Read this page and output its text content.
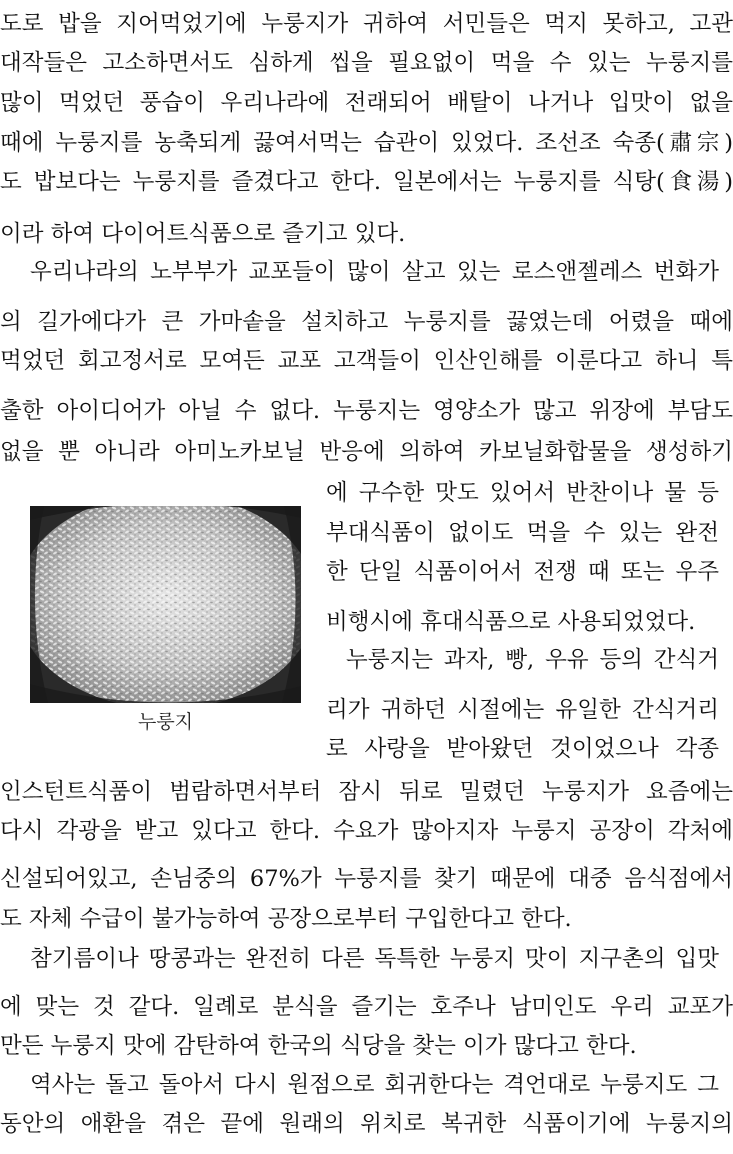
도로 밥을 지어먹었기에 누룽지가 귀하여 서민들은 먹지 못하고, 고관
대작들은 고소하면서도 심하게 씹을 필요없이 먹을 수 있는 누룽지를
많이 먹었던 풍습이 우리나라에 전래되어 배탈이 나거나 입맛이 없을
때에 누룽지를 농축되게 끓여서먹는 습관이 있었다. 조선조 숙종(肅宗)
도 밥보다는 누룽지를 즐겼다고 한다. 일본에서는 누룽지를 식탕(食湯)
이라 하여 다이어트식품으로 즐기고 있다.
우리나라의 노부부가 교포들이 많이 살고 있는 로스앤젤레스 번화가
의 길가에다가 큰 가마솥을 설치하고 누룽지를 끓였는데 어렸을 때에
먹었던 회고정서로 모여든 교포 고객들이 인산인해를 이룬다고 하니 특
출한 아이디어가 아닐 수 없다. 누룽지는 영양소가 많고 위장에 부담도
없을 뿐 아니라 아미노카보닐 반응에 의하여 카보닐화합물을 생성하기
누룽지
에 구수한 맛도 있어서 반찬이나 물 등
부대식품이 없이도 먹을 수 있는 완전
한 단일 식품이어서 전쟁 때 또는 우주
비행시에 휴대식품으로 사용되었었다.
누룽지는 과자, 빵, 우유 등의 간식거
리가 귀하던 시절에는 유일한 간식거리
로 사랑을 받아왔던 것이었으나 각종
인스턴트식품이 범람하면서부터 잠시 뒤로 밀렸던 누룽지가 요즘에는
다시 각광을 받고 있다고 한다. 수요가 많아지자 누룽지 공장이 각처에
신설되어있고, 손님중의 67%가 누룽지를 찾기 때문에 대중 음식점에서
도 자체 수급이 불가능하여 공장으로부터 구입한다고 한다.
참기름이나 땅콩과는 완전히 다른 독특한 누룽지 맛이 지구촌의 입맛
에 맞는 것 같다. 일례로 분식을 즐기는 호주나 남미인도 우리 교포가
만든 누룽지 맛에 감탄하여 한국의 식당을 찾는 이가 많다고 한다.
역사는 돌고 돌아서 다시 원점으로 회귀한다는 격언대로 누룽지도 그
동안의 애환을 겪은 끝에 원래의 위치로 복귀한 식품이기에 누룽지의
